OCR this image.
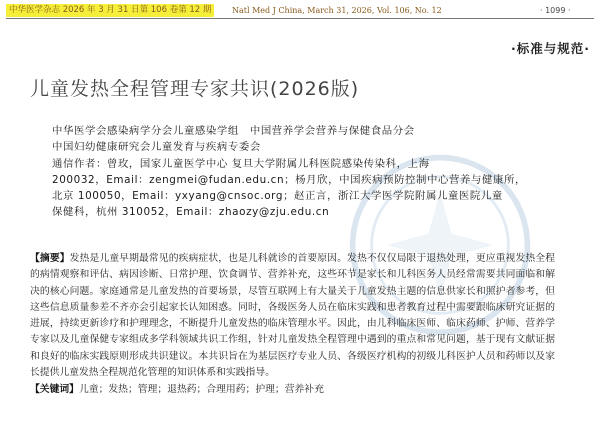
中华医学杂志 2026 年 3 月 31 日第 106 卷第 12 期	Natl Med J China, March 31, 2026, Vol. 106, No. 12	· 1099 ·
·标准与规范·
儿童发热全程管理专家共识(2026版)
中华医学会感染病学分会儿童感染学组　中国营养学会营养与保健食品分会
中国妇幼健康研究会儿童发育与疾病专委会
通信作者：曾玫，国家儿童医学中心 复旦大学附属儿科医院感染传染科，上海
200032，Email：zengmei@fudan.edu.cn；杨月欣，中国疾病预防控制中心营养与健康所，
北京 100050，Email：yxyang@cnsoc.org；赵正言，浙江大学医学院附属儿童医院儿童
保健科，杭州 310052，Email：zhaozy@zju.edu.cn
【摘要】发热是儿童早期最常见的疾病症状，也是儿科就诊的首要原因。发热不仅仅局限于退热处理，更应重视发热全程的病情观察和评估、病因诊断、日常护理、饮食调节、营养补充，这些环节是家长和儿科医务人员经常需要共同面临和解决的核心问题。家庭通常是儿童发热的首要场景，尽管互联网上有大量关于儿童发热主题的信息供家长和照护者参考，但这些信息质量参差不齐亦会引起家长认知困惑。同时，各级医务人员在临床实践和患者教育过程中需要跟临床研究证据的进展，持续更新诊疗和护理理念，不断提升儿童发热的临床管理水平。因此，由儿科临床医师、临床药师、护师、营养学专家以及儿童保健专家组成多学科领域共识工作组，针对儿童发热全程管理中遇到的重点和常见问题，基于现有文献证据和良好的临床实践原则形成共识建议。本共识旨在为基层医疗专业人员、各级医疗机构的初级儿科医护人员和药师以及家长提供儿童发热全程规范化管理的知识体系和实践指导。
【关键词】儿童；发热；管理；退热药；合理用药；护理；营养补充
